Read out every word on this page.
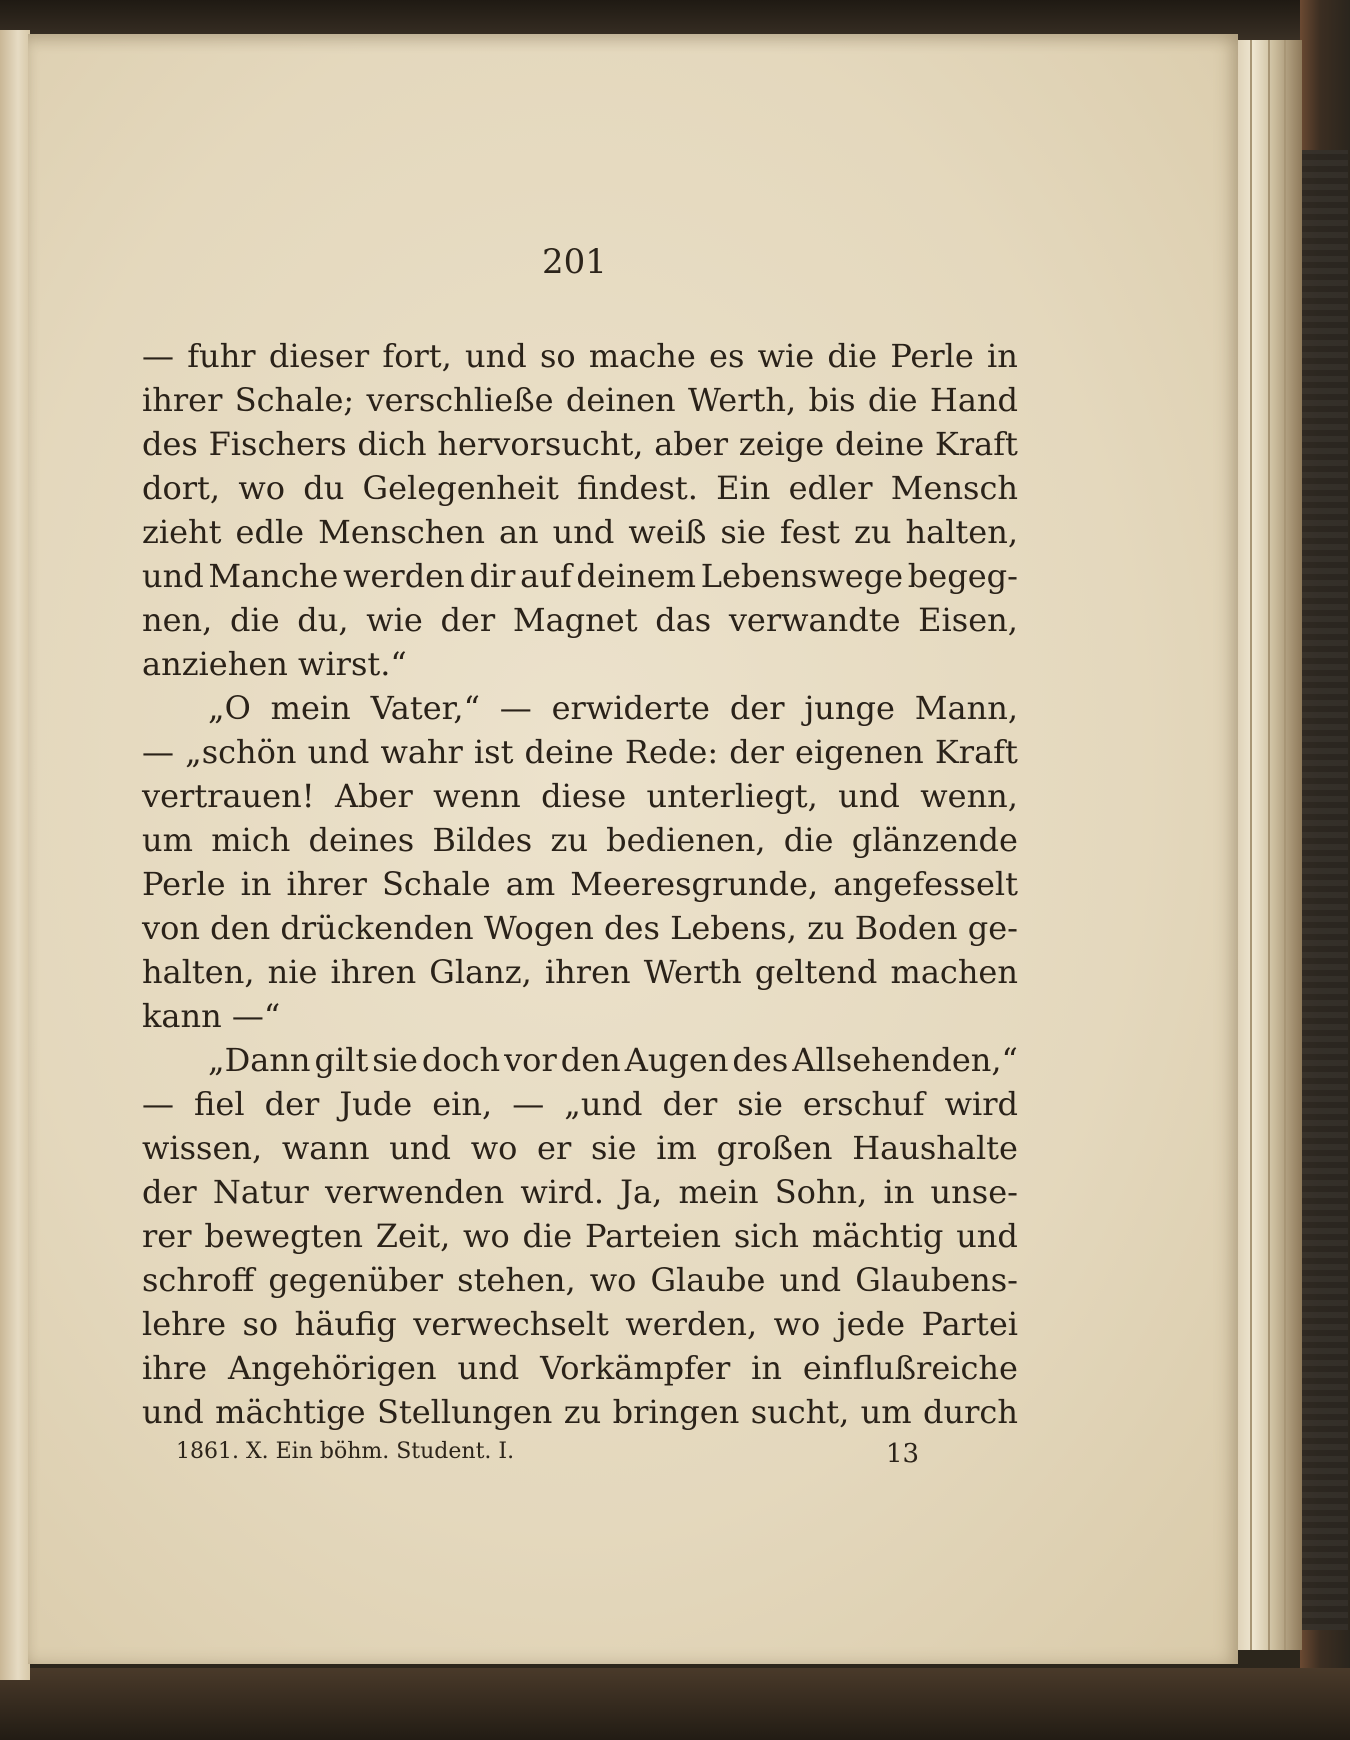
201
— fuhr dieser fort, und so mache es wie die Perle in
ihrer Schale; verschließe deinen Werth, bis die Hand
des Fischers dich hervorsucht, aber zeige deine Kraft
dort, wo du Gelegenheit findest. Ein edler Mensch
zieht edle Menschen an und weiß sie fest zu halten,
und Manche werden dir auf deinem Lebenswege begeg-
nen, die du, wie der Magnet das verwandte Eisen,
anziehen wirst.“
„O mein Vater,“ — erwiderte der junge Mann,
— „schön und wahr ist deine Rede: der eigenen Kraft
vertrauen! Aber wenn diese unterliegt, und wenn,
um mich deines Bildes zu bedienen, die glänzende
Perle in ihrer Schale am Meeresgrunde, angefesselt
von den drückenden Wogen des Lebens, zu Boden ge-
halten, nie ihren Glanz, ihren Werth geltend machen
kann —“
„Dann gilt sie doch vor den Augen des Allsehenden,“
— fiel der Jude ein, — „und der sie erschuf wird
wissen, wann und wo er sie im großen Haushalte
der Natur verwenden wird. Ja, mein Sohn, in unse-
rer bewegten Zeit, wo die Parteien sich mächtig und
schroff gegenüber stehen, wo Glaube und Glaubens-
lehre so häufig verwechselt werden, wo jede Partei
ihre Angehörigen und Vorkämpfer in einflußreiche
und mächtige Stellungen zu bringen sucht, um durch
1861. X. Ein böhm. Student. I.	13
